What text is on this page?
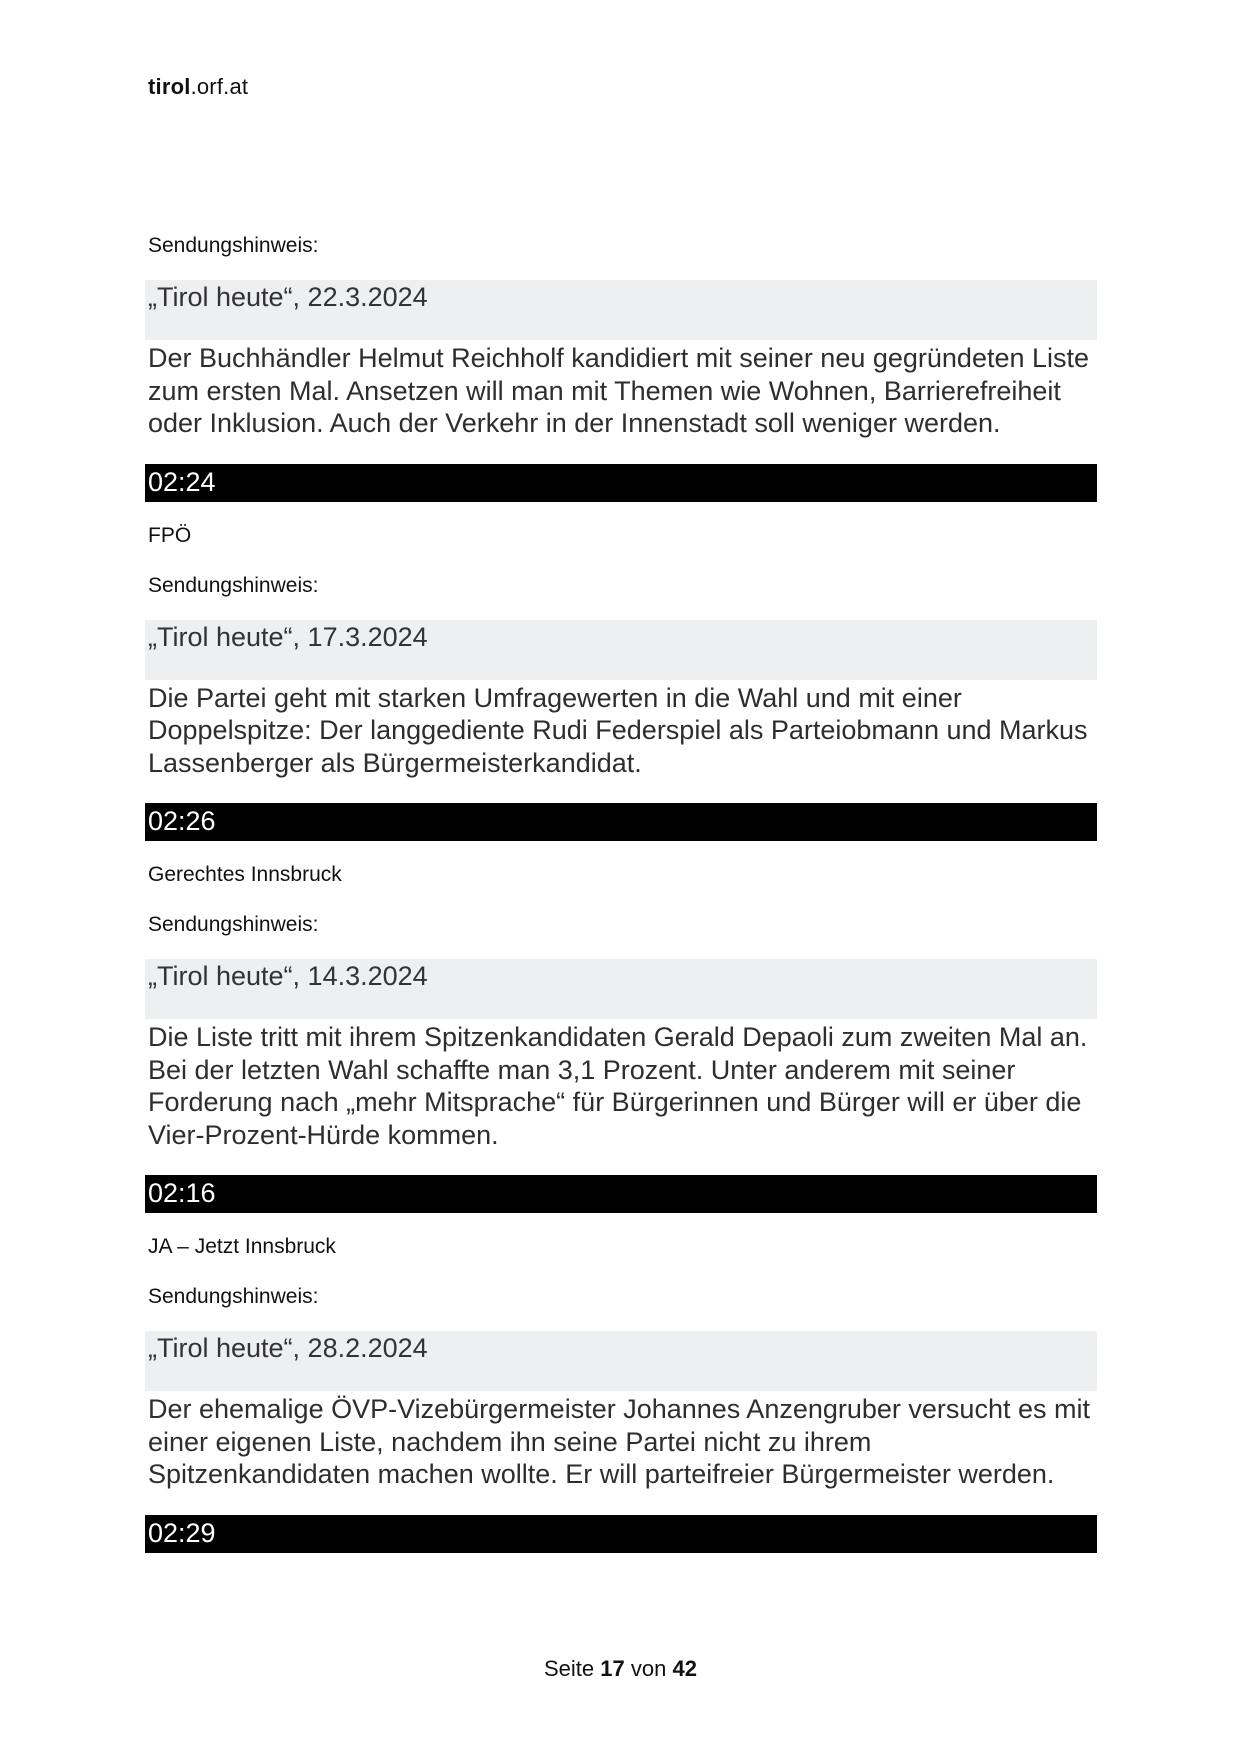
tirol.orf.at
Sendungshinweis:
„Tirol heute“, 22.3.2024
Der Buchhändler Helmut Reichholf kandidiert mit seiner neu gegründeten Liste zum ersten Mal. Ansetzen will man mit Themen wie Wohnen, Barrierefreiheit oder Inklusion. Auch der Verkehr in der Innenstadt soll weniger werden.
02:24
FPÖ
Sendungshinweis:
„Tirol heute“, 17.3.2024
Die Partei geht mit starken Umfragewerten in die Wahl und mit einer Doppelspitze: Der langgediente Rudi Federspiel als Parteiobmann und Markus Lassenberger als Bürgermeisterkandidat.
02:26
Gerechtes Innsbruck
Sendungshinweis:
„Tirol heute“, 14.3.2024
Die Liste tritt mit ihrem Spitzenkandidaten Gerald Depaoli zum zweiten Mal an. Bei der letzten Wahl schaffte man 3,1 Prozent. Unter anderem mit seiner Forderung nach „mehr Mitsprache“ für Bürgerinnen und Bürger will er über die Vier-Prozent-Hürde kommen.
02:16
JA – Jetzt Innsbruck
Sendungshinweis:
„Tirol heute“, 28.2.2024
Der ehemalige ÖVP-Vizebürgermeister Johannes Anzengruber versucht es mit einer eigenen Liste, nachdem ihn seine Partei nicht zu ihrem Spitzenkandidaten machen wollte. Er will parteifreier Bürgermeister werden.
02:29
Seite 17 von 42
